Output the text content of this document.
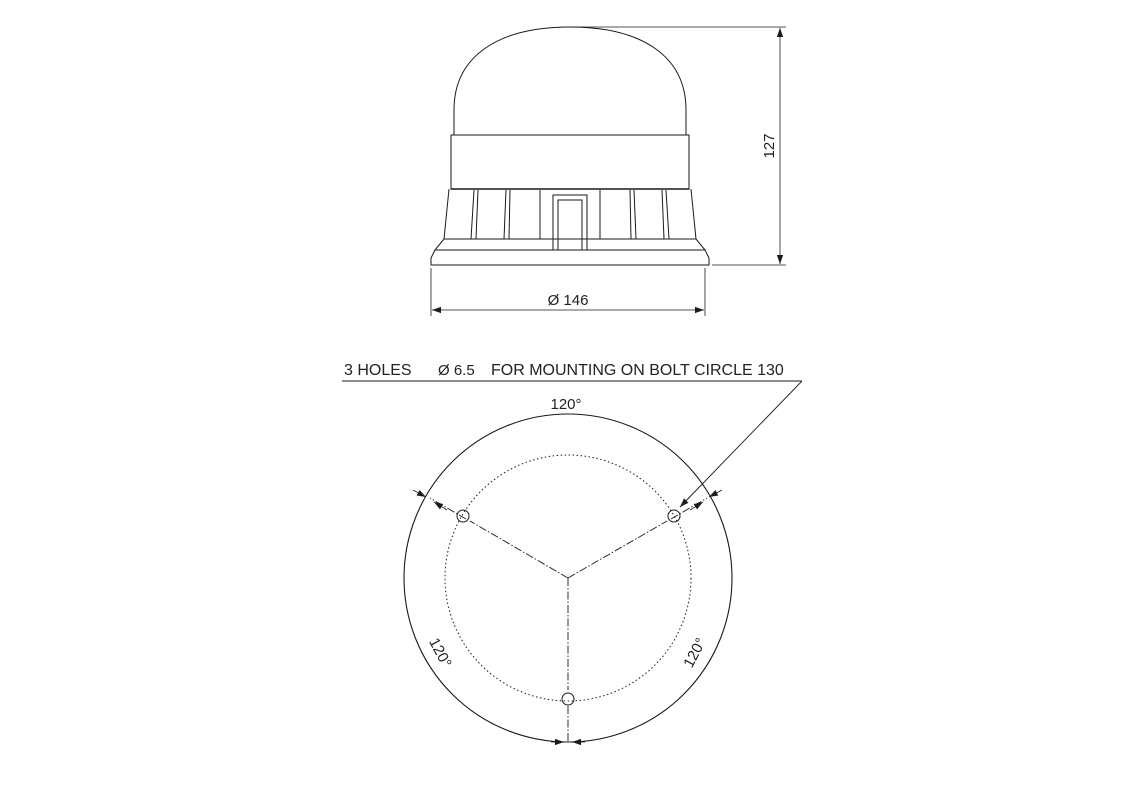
127
Ø 146
3 HOLES Ø 6.5 FOR MOUNTING ON BOLT CIRCLE 130
120°
120°	120°
